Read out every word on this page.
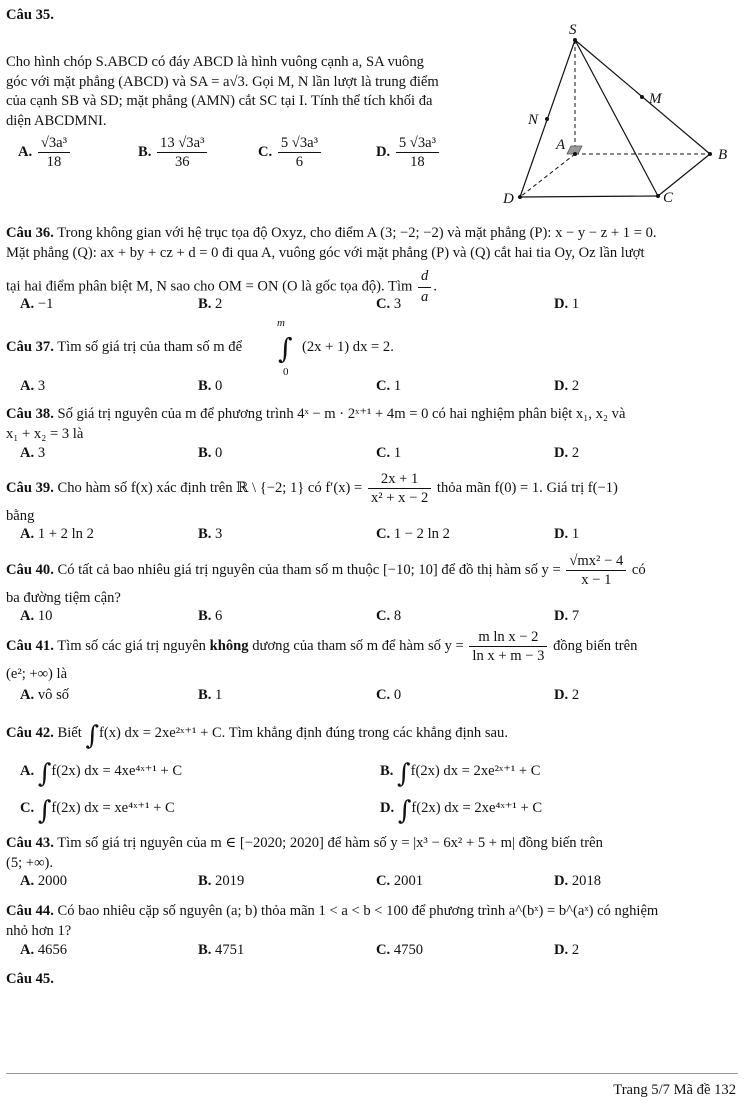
Câu 35.
Cho hình chóp S.ABCD có đáy ABCD là hình vuông cạnh a, SA vuông
góc với mặt phẳng (ABCD) và SA = a√3. Gọi M, N lần lượt là trung điểm
của cạnh SB và SD; mặt phẳng (AMN) cắt SC tại I. Tính thể tích khối đa
diện ABCDMNI.
A. $\frac{\text{√3a³}}{18}$	B. $\frac{\text{13 √3a³}}{36}$	C. $\frac{\text{5 √3a³}}{6}$	D. $\frac{\text{5 √3a³}}{18}$
S
M
N
A
B
C
D
Câu 36. Trong không gian với hệ trục tọa độ Oxyz, cho điểm A (3; −2; −2) và mặt phẳng (P): x − y − z + 1 = 0.
Mặt phẳng (Q): ax + by + cz + d = 0 đi qua A, vuông góc với mặt phẳng (P) và (Q) cắt hai tia Oy, Oz lần lượt
tại hai điểm phân biệt M, N sao cho OM = ON (O là gốc tọa độ). Tìm $\frac{d}{a}$ .
A. −1	B. 2	C. 3	D. 1
Câu 37. Tìm số giá trị của tham số m để
m
∫
0
(2x + 1) dx = 2.
A. 3	B. 0	C. 1	D. 2
Câu 38. Số giá trị nguyên của m để phương trình 4ˣ − m · 2ˣ⁺¹ + 4m = 0 có hai nghiệm phân biệt x₁, x₂ và
x₁ + x₂ = 3 là
A. 3	B. 0	C. 1	D. 2
Câu 39. Cho hàm số f(x) xác định trên ℝ \ {−2; 1} có $f'(x) = \frac{2x + 1}{\text{x² + x − 2}}$ thỏa mãn f(0) = 1. Giá trị f(−1)
bằng
A. 1 + 2 ln 2	B. 3	C. 1 − 2 ln 2	D. 1
Câu 40. Có tất cả bao nhiêu giá trị nguyên của tham số m thuộc [−10; 10] để đồ thị hàm số $y = \frac{\text{√mx² − 4}}{x - 1}$ có
ba đường tiệm cận?
A. 10	B. 6	C. 8	D. 7
Câu 41. Tìm số các giá trị nguyên không dương của tham số m để hàm số $y = \frac{\text{m ln x − 2}}{\text{ln x + m − 3}}$ đồng biến trên
(e²; +∞) là
A. vô số	B. 1	C. 0	D. 2
Câu 42. Biết ∫f(x) dx = 2xe²ˣ⁺¹ + C. Tìm khẳng định đúng trong các khẳng định sau.
A. ∫f(2x) dx = 4xe⁴ˣ⁺¹ + C	B. ∫f(2x) dx = 2xe²ˣ⁺¹ + C
C. ∫f(2x) dx = xe⁴ˣ⁺¹ + C	D. ∫f(2x) dx = 2xe⁴ˣ⁺¹ + C
Câu 43. Tìm số giá trị nguyên của m ∈ [−2020; 2020] để hàm số y = |x³ − 6x² + 5 + m| đồng biến trên
(5; +∞).
A. 2000	B. 2019	C. 2001	D. 2018
Câu 44. Có bao nhiêu cặp số nguyên (a; b) thỏa mãn 1 < a < b < 100 để phương trình a^(bˣ) = b^(aˣ) có nghiệm
nhỏ hơn 1?
A. 4656	B. 4751	C. 4750	D. 2
Câu 45.
Trang 5/7 Mã đề 132
